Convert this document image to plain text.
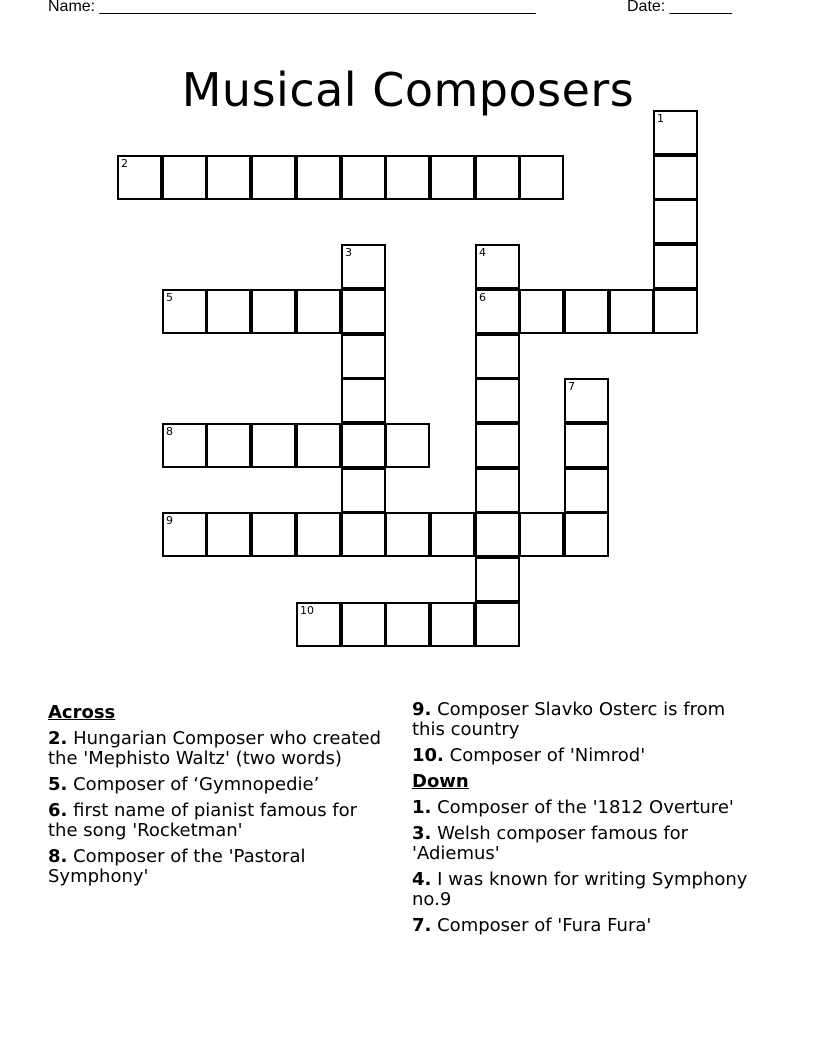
Name: _________________________________________________	Date: _______
Musical Composers
1
2
3	4
5	6
7
8
9
10
Across
2. Hungarian Composer who created the 'Mephisto Waltz' (two words)
5. Composer of ‘Gymnopedie’
6. first name of pianist famous for the song 'Rocketman'
8. Composer of the 'Pastoral Symphony'
9. Composer Slavko Osterc is from this country
10. Composer of 'Nimrod'
Down
1. Composer of the '1812 Overture'
3. Welsh composer famous for 'Adiemus'
4. I was known for writing Symphony no.9
7. Composer of 'Fura Fura'
